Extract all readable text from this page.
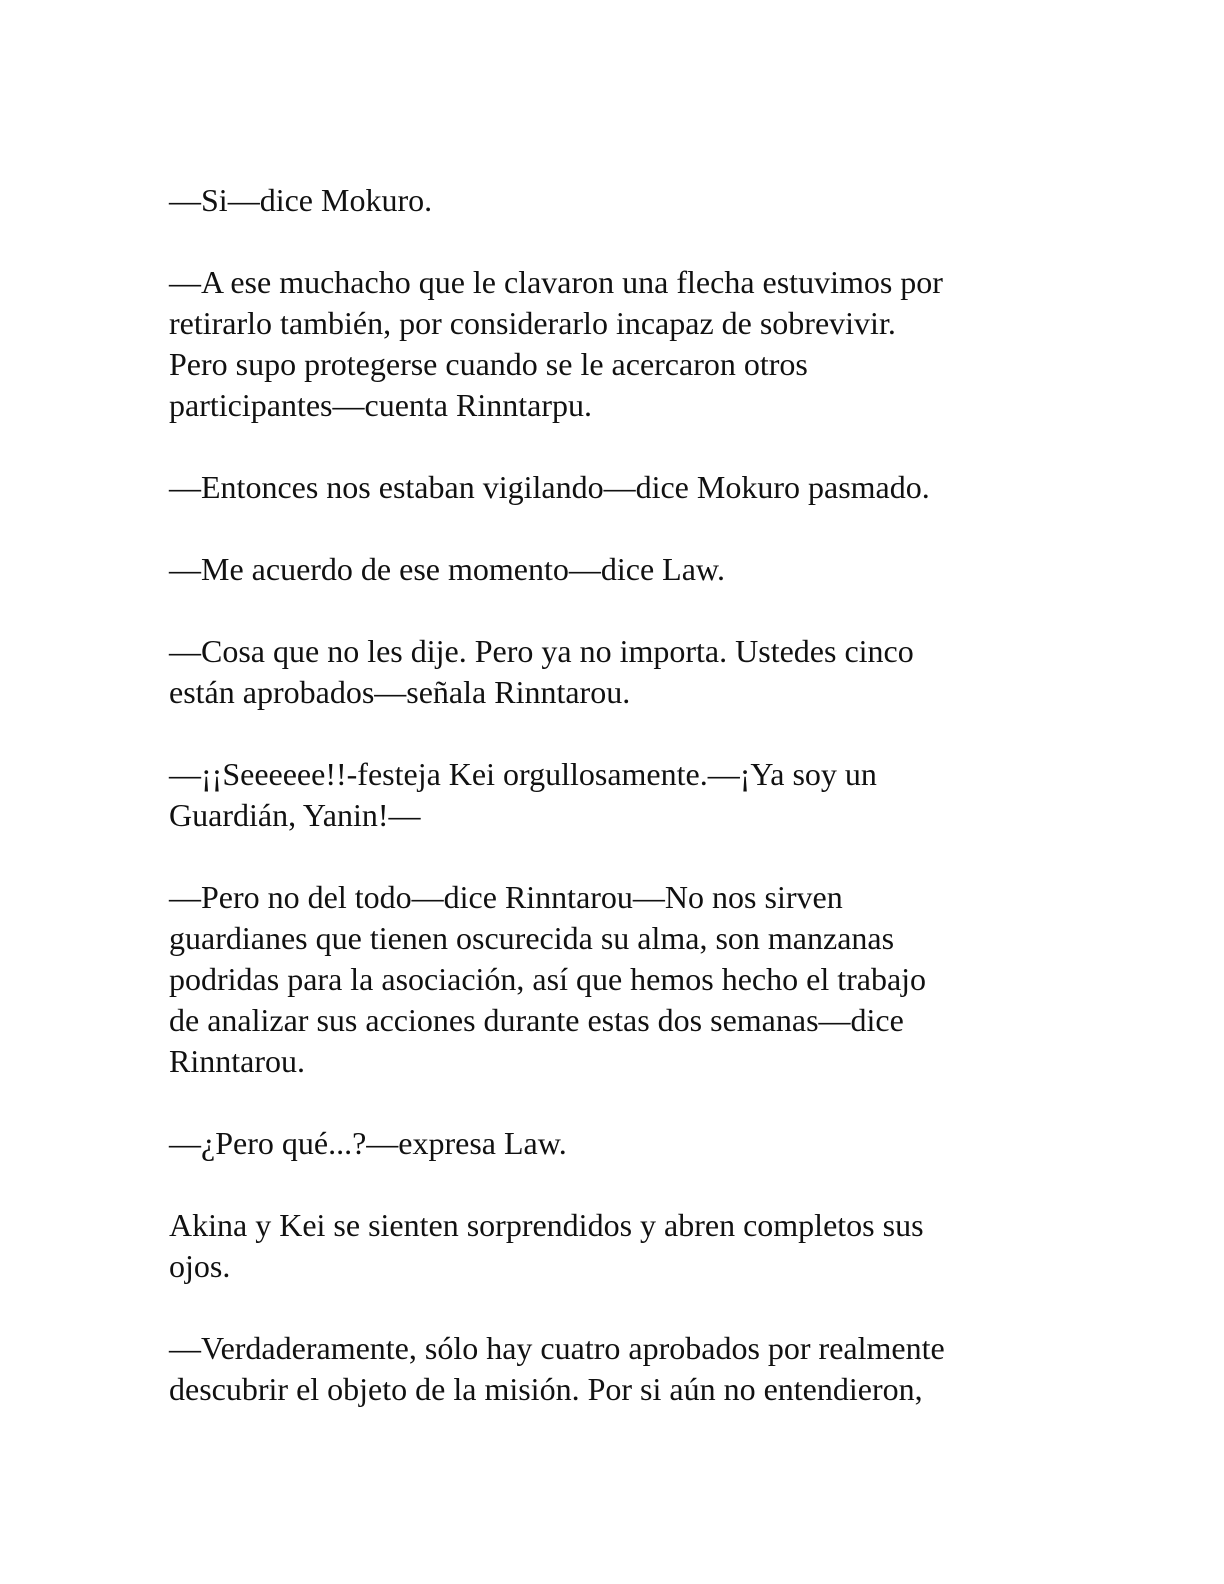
—Si—dice Mokuro.

—A ese muchacho que le clavaron una flecha estuvimos por
retirarlo también, por considerarlo incapaz de sobrevivir.
Pero supo protegerse cuando se le acercaron otros
participantes—cuenta Rinntarpu.

—Entonces nos estaban vigilando—dice Mokuro pasmado.

—Me acuerdo de ese momento—dice Law.

—Cosa que no les dije. Pero ya no importa. Ustedes cinco
están aprobados—señala Rinntarou.

—¡¡Seeeeee!!-festeja Kei orgullosamente.—¡Ya soy un
Guardián, Yanin!—

—Pero no del todo—dice Rinntarou—No nos sirven
guardianes que tienen oscurecida su alma, son manzanas
podridas para la asociación, así que hemos hecho el trabajo
de analizar sus acciones durante estas dos semanas—dice
Rinntarou.

—¿Pero qué...?—expresa Law.

Akina y Kei se sienten sorprendidos y abren completos sus
ojos.

—Verdaderamente, sólo hay cuatro aprobados por realmente
descubrir el objeto de la misión. Por si aún no entendieron,
